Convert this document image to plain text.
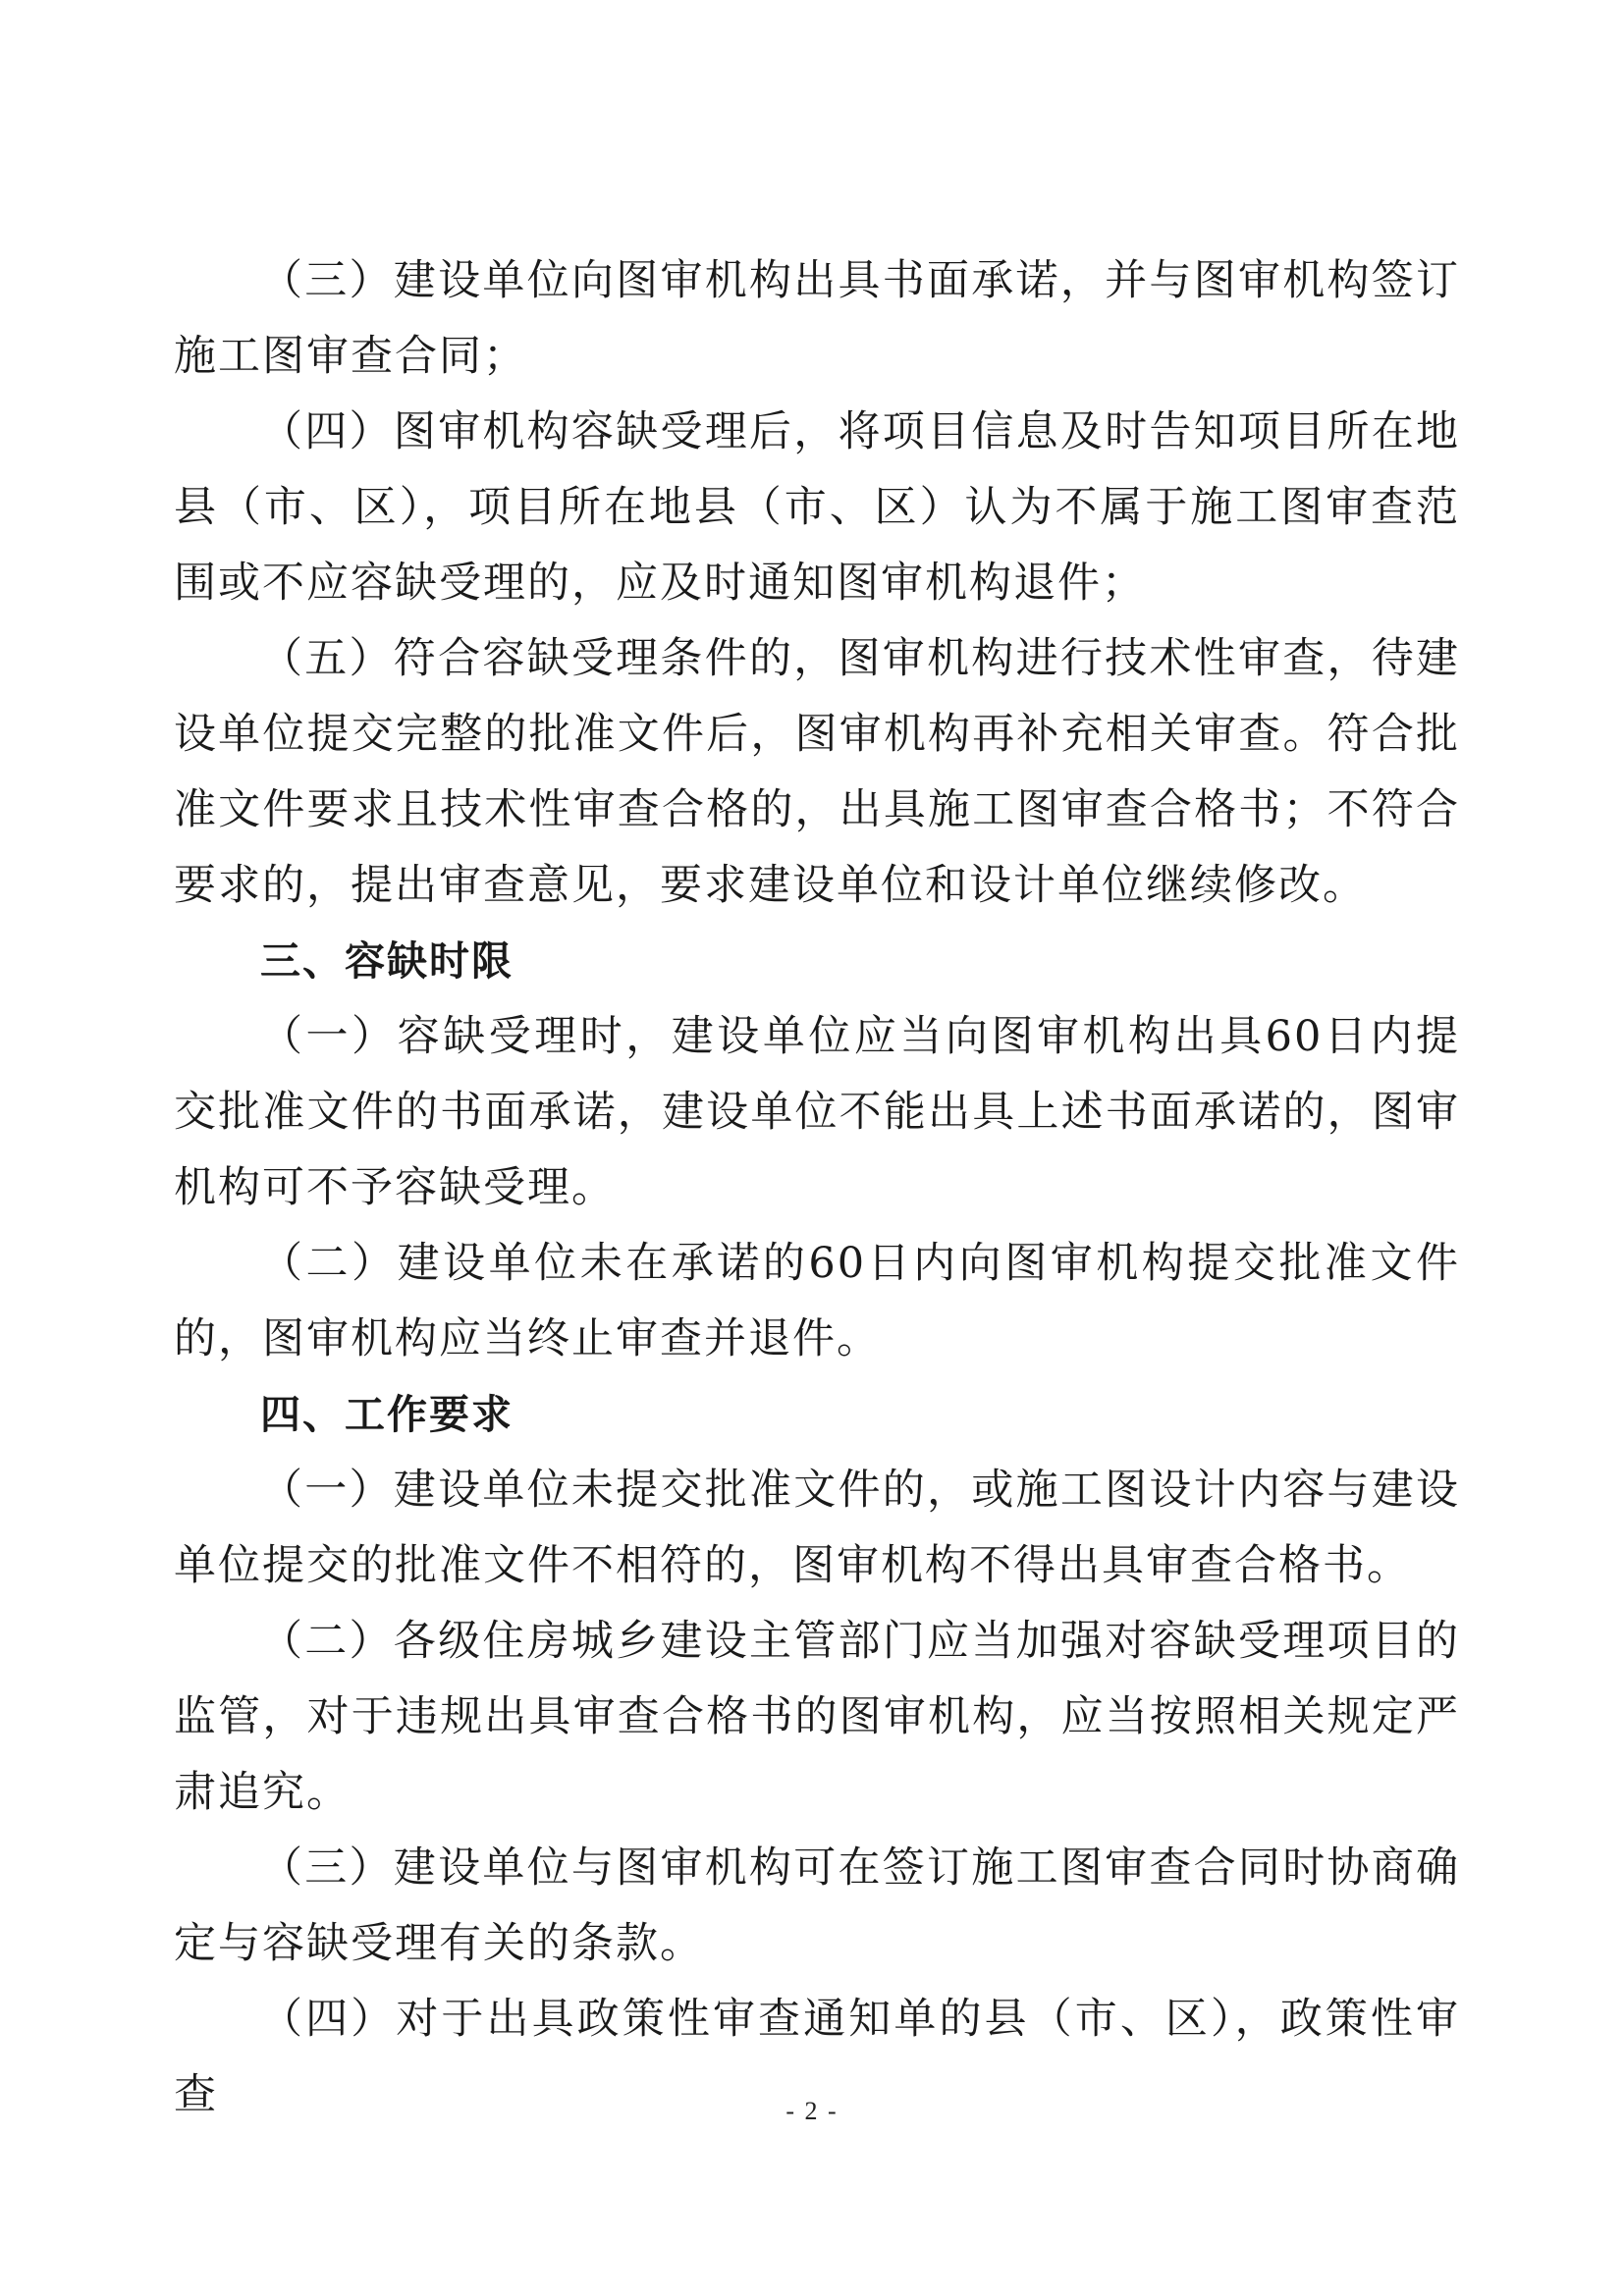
（三）建设单位向图审机构出具书面承诺，并与图审机构签订施工图审查合同；

（四）图审机构容缺受理后，将项目信息及时告知项目所在地县（市、区），项目所在地县（市、区）认为不属于施工图审查范围或不应容缺受理的，应及时通知图审机构退件；

（五）符合容缺受理条件的，图审机构进行技术性审查，待建设单位提交完整的批准文件后，图审机构再补充相关审查。符合批准文件要求且技术性审查合格的，出具施工图审查合格书；不符合要求的，提出审查意见，要求建设单位和设计单位继续修改。

三、容缺时限

（一）容缺受理时，建设单位应当向图审机构出具60日内提交批准文件的书面承诺，建设单位不能出具上述书面承诺的，图审机构可不予容缺受理。

（二）建设单位未在承诺的60日内向图审机构提交批准文件的，图审机构应当终止审查并退件。

四、工作要求

（一）建设单位未提交批准文件的，或施工图设计内容与建设单位提交的批准文件不相符的，图审机构不得出具审查合格书。

（二）各级住房城乡建设主管部门应当加强对容缺受理项目的监管，对于违规出具审查合格书的图审机构，应当按照相关规定严肃追究。

（三）建设单位与图审机构可在签订施工图审查合同时协商确定与容缺受理有关的条款。

（四）对于出具政策性审查通知单的县（市、区），政策性审查	- 2 -
